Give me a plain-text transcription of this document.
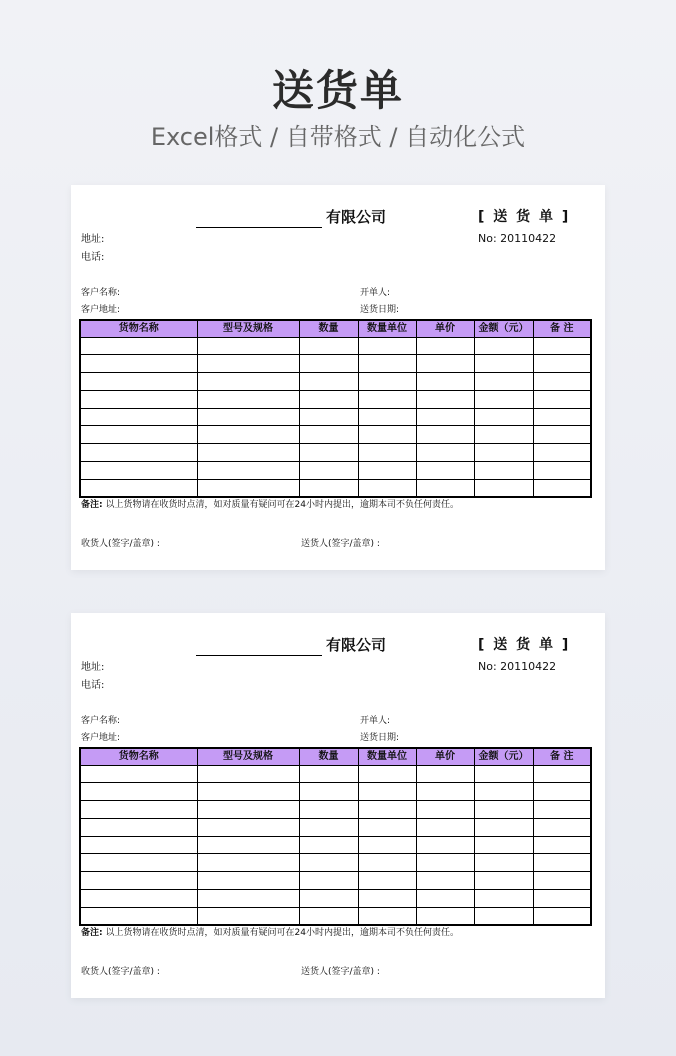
送货单
Excel格式 / 自带格式 / 自动化公式
有限公司	[ 送 货 单 ]
No: 20110422
地址:
电话:
客户名称:
客户地址:
开单人:
送货日期:
货物名称	型号及规格	数量	数量单位	单价	金额（元）	备 注

备注: 以上货物请在收货时点清，如对质量有疑问可在24小时内提出，逾期本司不负任何责任。
收货人(签字/盖章) :	送货人(签字/盖章) :
有限公司	[ 送 货 单 ]
No: 20110422
地址:
电话:
客户名称:
客户地址:
开单人:
送货日期:
货物名称	型号及规格	数量	数量单位	单价	金额（元）	备 注

备注: 以上货物请在收货时点清，如对质量有疑问可在24小时内提出，逾期本司不负任何责任。
收货人(签字/盖章) :	送货人(签字/盖章) :
